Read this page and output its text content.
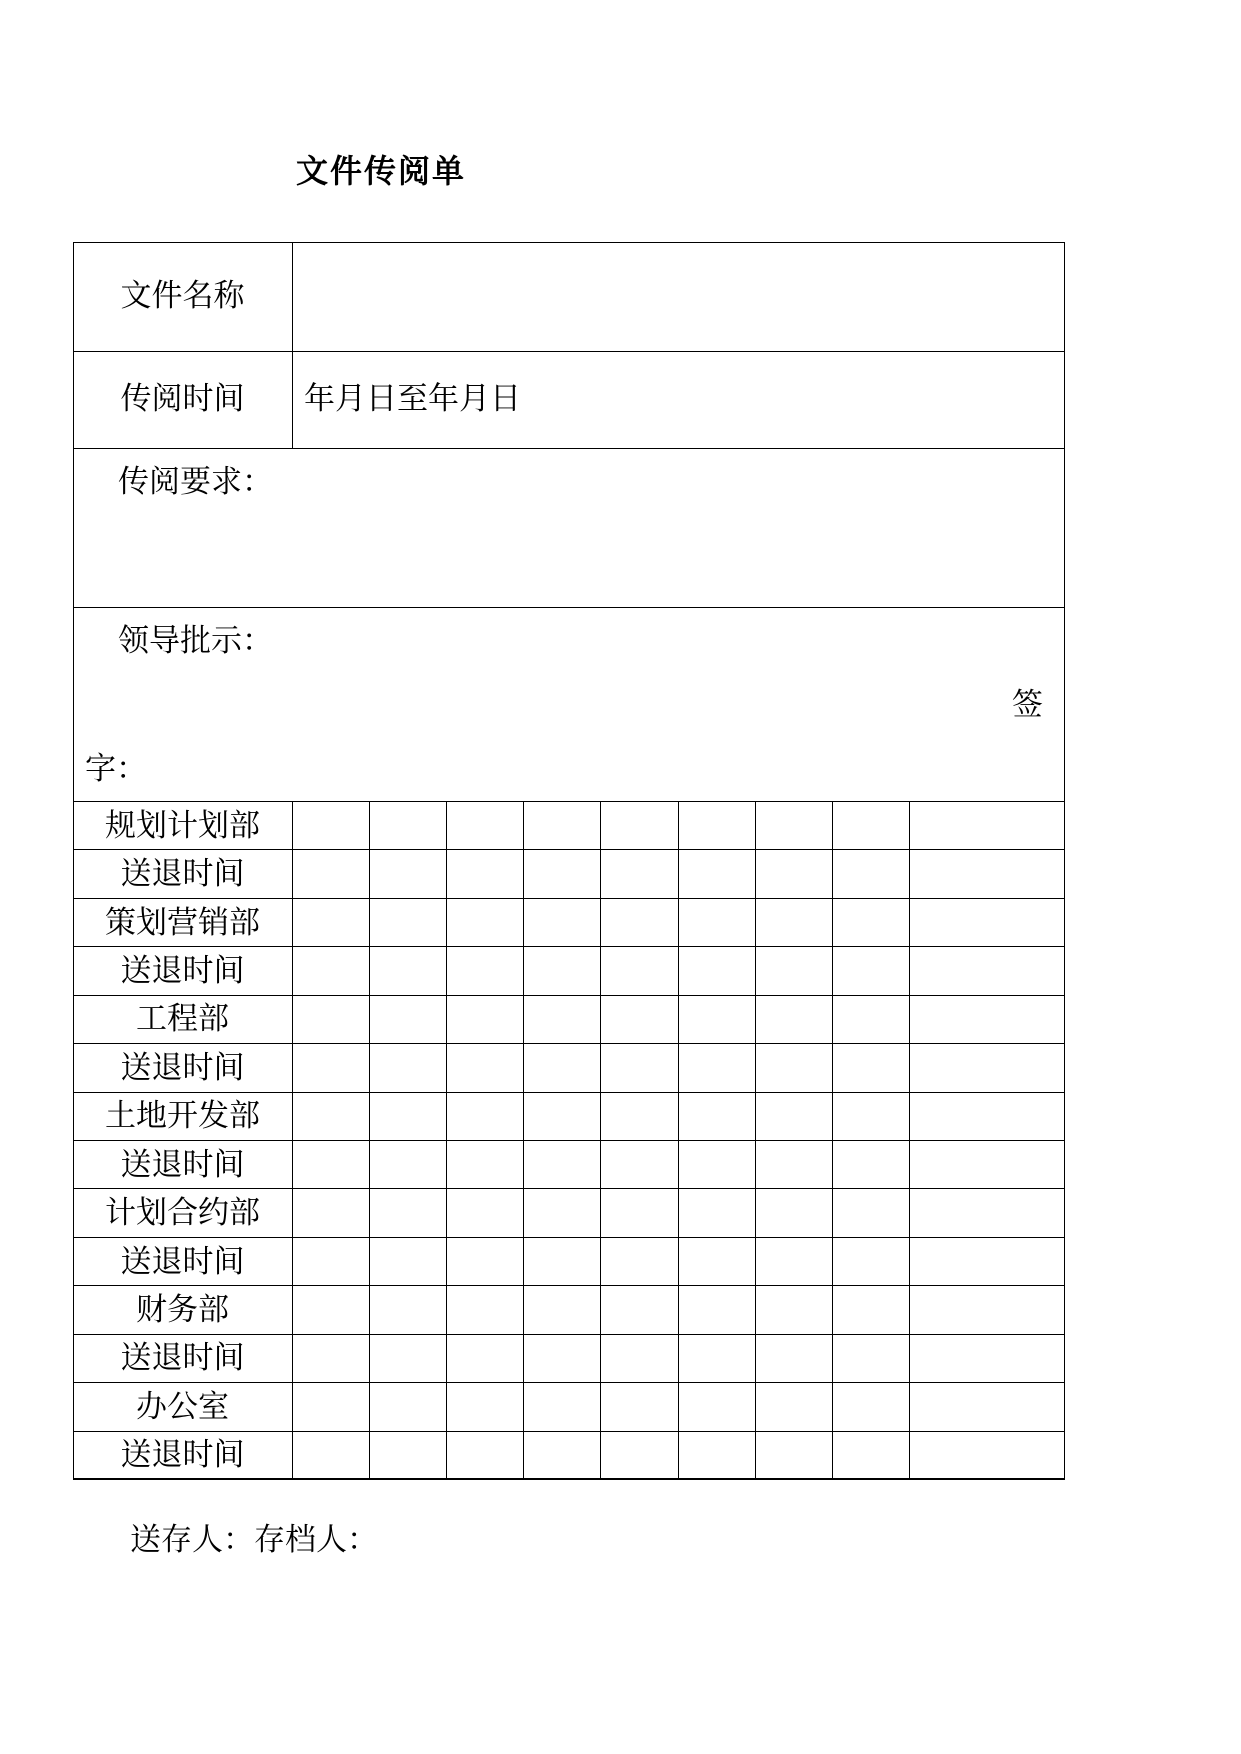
文件传阅单
文件名称
传阅时间	年月日至年月日
传阅要求：
领导批示：
签
字：
规划计划部
送退时间
策划营销部
送退时间
工程部
送退时间
土地开发部
送退时间
计划合约部
送退时间
财务部
送退时间
办公室
送退时间
送存人：存档人：
